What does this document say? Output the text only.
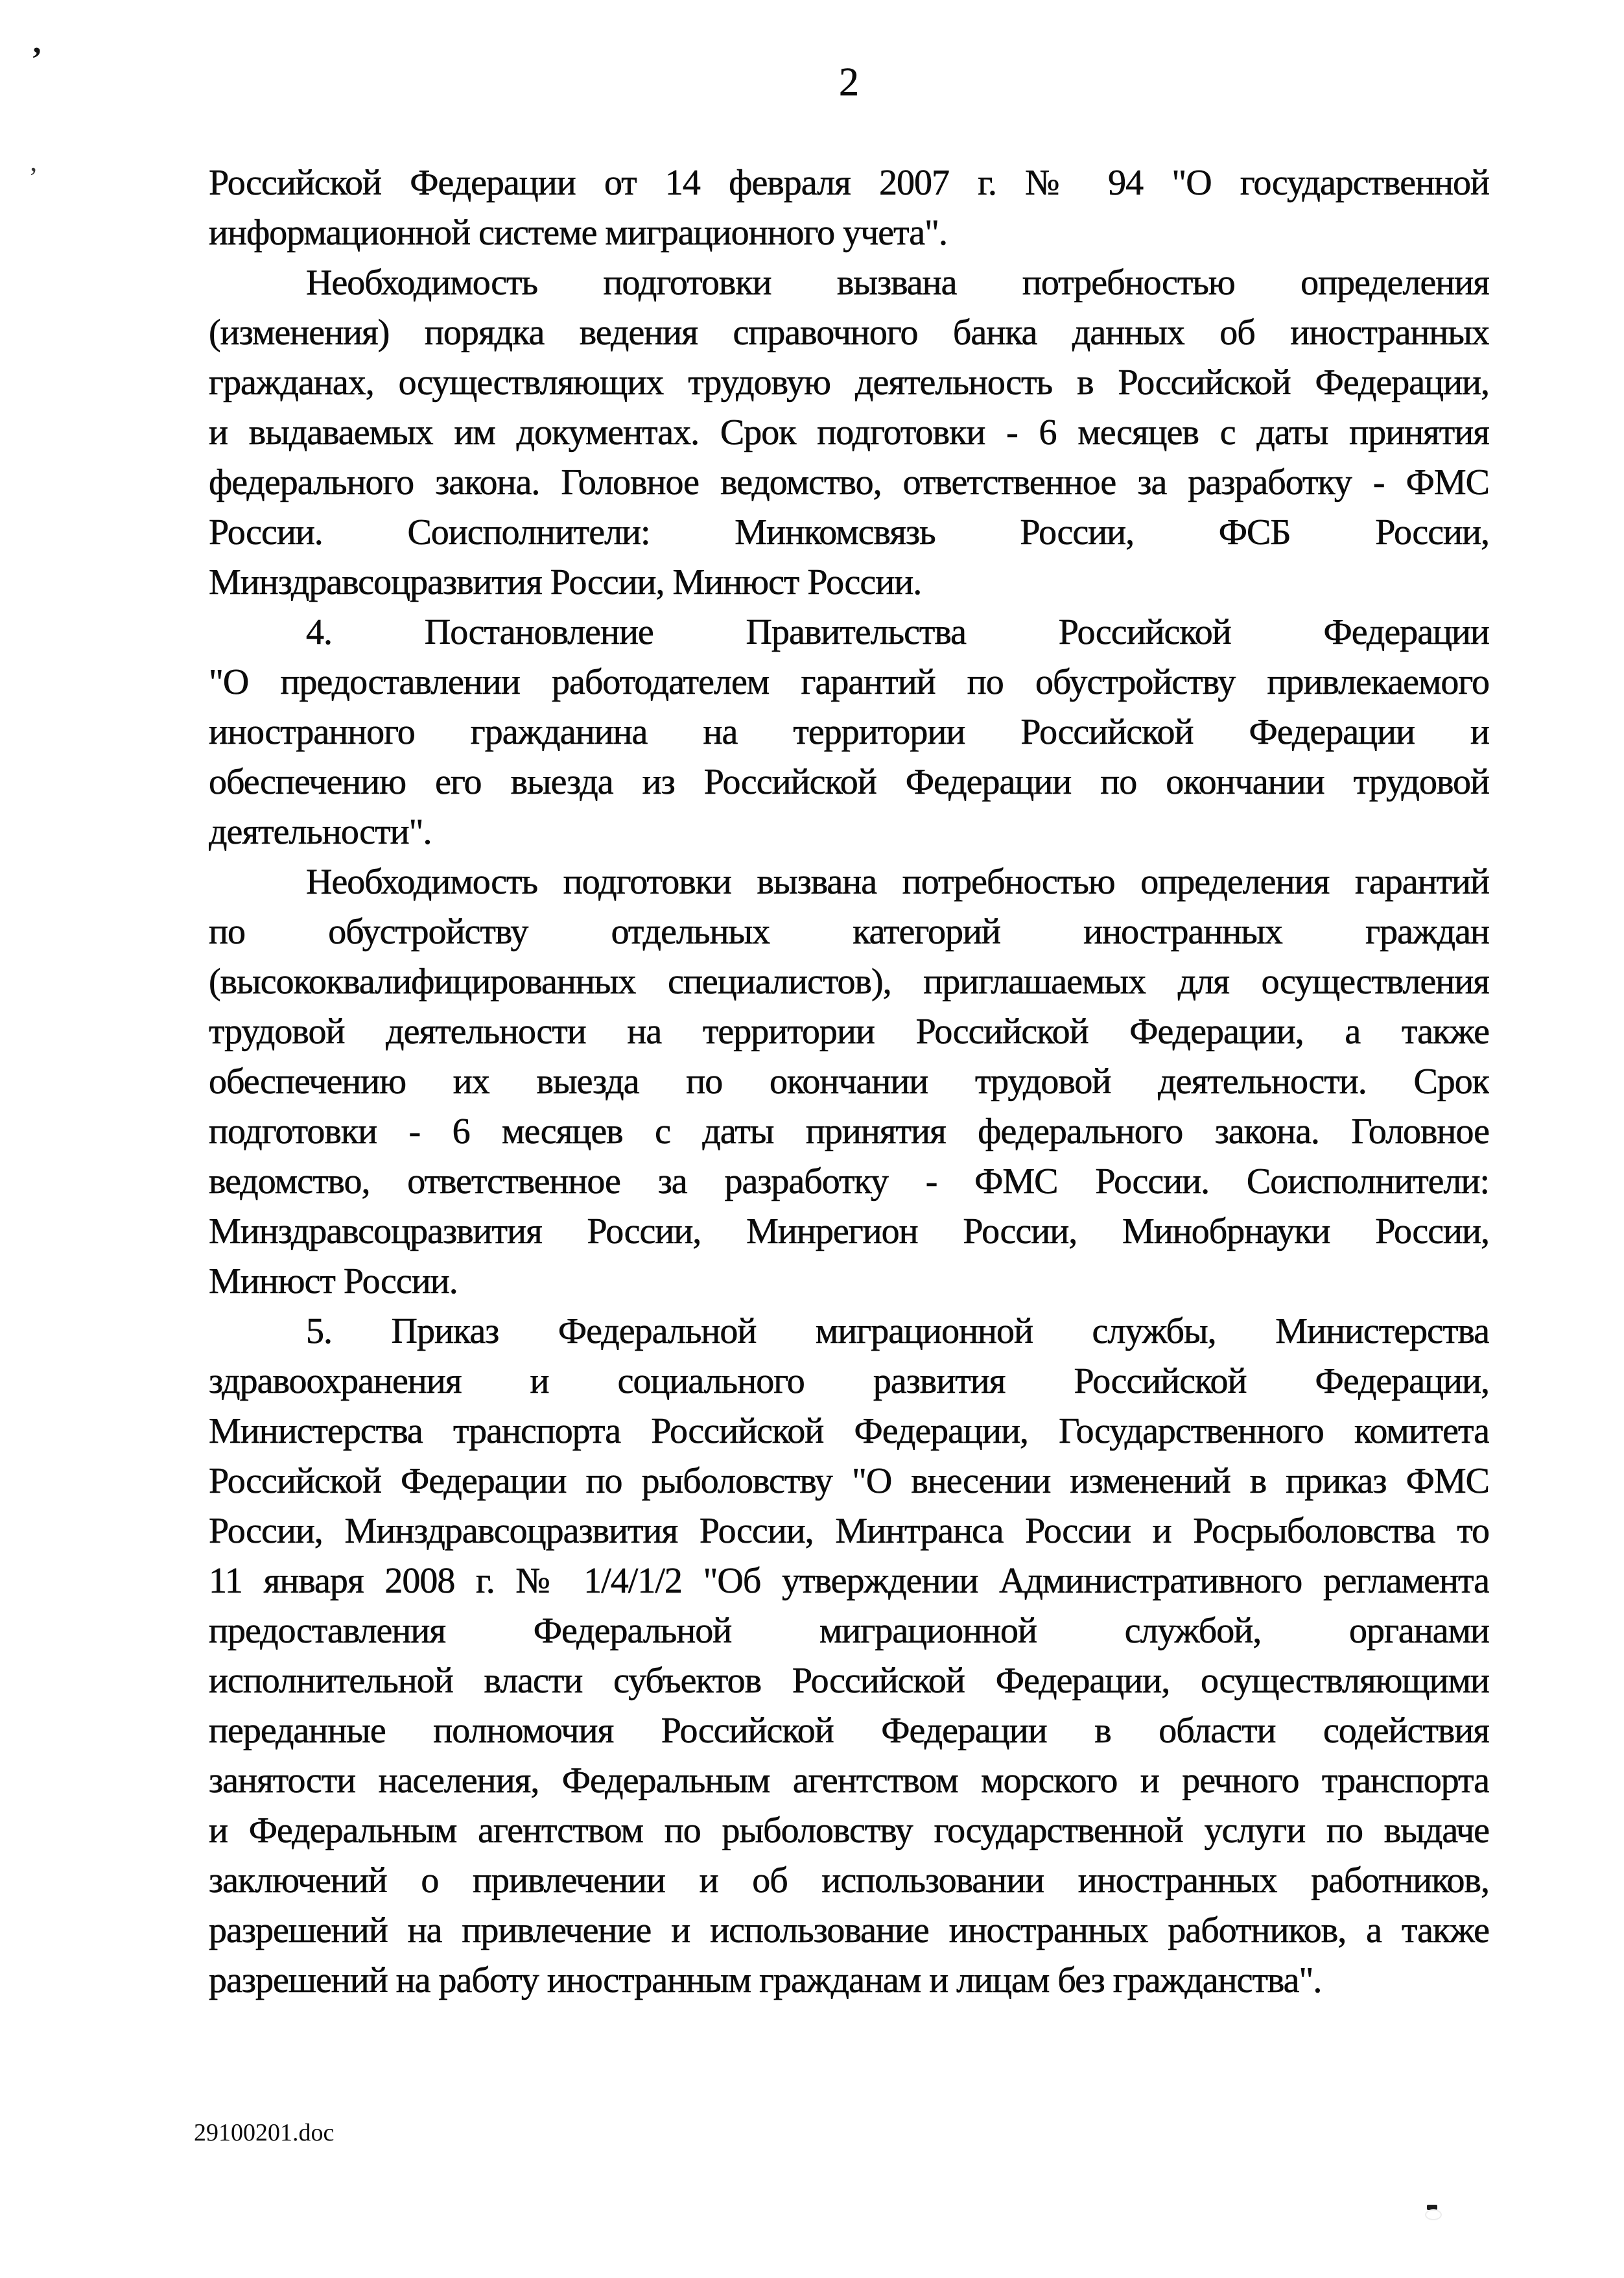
’
’
2
Российской Федерации от 14 февраля 2007 г. № 94 "О государственной
информационной системе миграционного учета".
Необходимость подготовки вызвана потребностью определения
(изменения) порядка ведения справочного банка данных об иностранных
гражданах, осуществляющих трудовую деятельность в Российской Федерации,
и выдаваемых им документах. Срок подготовки - 6 месяцев с даты принятия
федерального закона. Головное ведомство, ответственное за разработку - ФМС
России. Соисполнители: Минкомсвязь России, ФСБ России,
Минздравсоцразвития России, Минюст России.
4. Постановление Правительства Российской Федерации
"О предоставлении работодателем гарантий по обустройству привлекаемого
иностранного гражданина на территории Российской Федерации и
обеспечению его выезда из Российской Федерации по окончании трудовой
деятельности".
Необходимость подготовки вызвана потребностью определения гарантий
по обустройству отдельных категорий иностранных граждан
(высококвалифицированных специалистов), приглашаемых для осуществления
трудовой деятельности на территории Российской Федерации, а также
обеспечению их выезда по окончании трудовой деятельности. Срок
подготовки - 6 месяцев с даты принятия федерального закона. Головное
ведомство, ответственное за разработку - ФМС России. Соисполнители:
Минздравсоцразвития России, Минрегион России, Минобрнауки России,
Минюст России.
5. Приказ Федеральной миграционной службы, Министерства
здравоохранения и социального развития Российской Федерации,
Министерства транспорта Российской Федерации, Государственного комитета
Российской Федерации по рыболовству "О внесении изменений в приказ ФМС
России, Минздравсоцразвития России, Минтранса России и Росрыболовства то
11 января 2008 г. № 1/4/1/2 "Об утверждении Административного регламента
предоставления Федеральной миграционной службой, органами
исполнительной власти субъектов Российской Федерации, осуществляющими
переданные полномочия Российской Федерации в области содействия
занятости населения, Федеральным агентством морского и речного транспорта
и Федеральным агентством по рыболовству государственной услуги по выдаче
заключений о привлечении и об использовании иностранных работников,
разрешений на привлечение и использование иностранных работников, а также
разрешений на работу иностранным гражданам и лицам без гражданства".
29100201.doc
